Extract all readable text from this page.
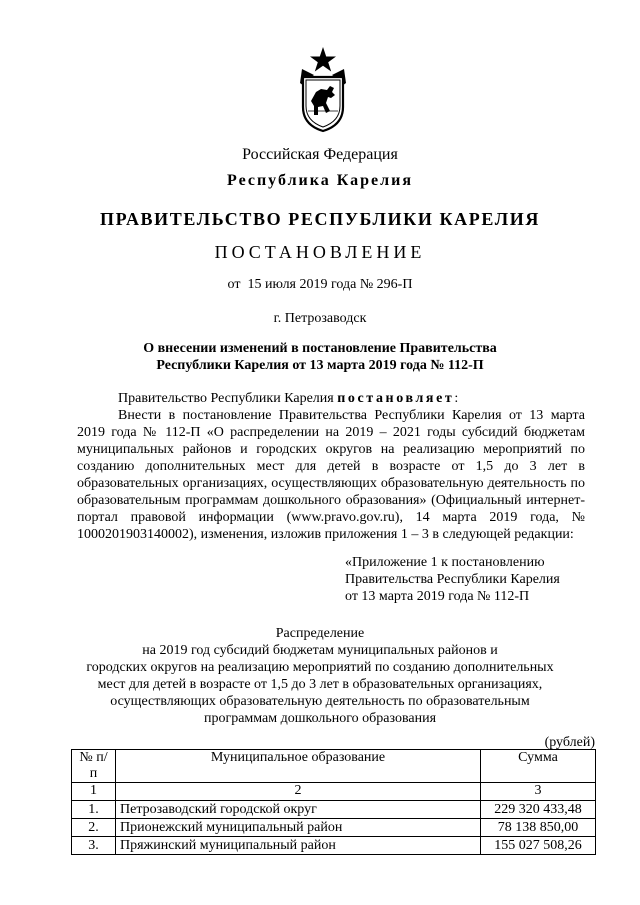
Российская Федерация
Республика Карелия
ПРАВИТЕЛЬСТВО РЕСПУБЛИКИ КАРЕЛИЯ
ПОСТАНОВЛЕНИЕ
от  15 июля 2019 года № 296-П
г. Петрозаводск
О внесении изменений в постановление Правительства
Республики Карелия от 13 марта 2019 года № 112-П
Правительство Республики Карелия постановляет:

Внести в постановление Правительства Республики Карелия от 13 марта 2019 года № 112-П «О распределении на 2019 – 2021 годы субсидий бюджетам муниципальных районов и городских округов на реализацию мероприятий по созданию дополнительных мест для детей в возрасте от 1,5 до 3 лет в образовательных организациях, осуществляющих образовательную деятельность по образовательным программам дошкольного образования» (Официальный интернет-портал правовой информации (www.pravo.gov.ru), 14 марта 2019 года, № 1000201903140002), изменения, изложив приложения 1 – 3 в следующей редакции:

«Приложение 1 к постановлению
Правительства Республики Карелия
от 13 марта 2019 года № 112-П
Распределение
на 2019 год субсидий бюджетам муниципальных районов и
городских округов на реализацию мероприятий по созданию дополнительных
мест для детей в возрасте от 1,5 до 3 лет в образовательных организациях,
осуществляющих образовательную деятельность по образовательным
программам дошкольного образования
(рублей)
№ п/п	Муниципальное образование	Сумма
1	2	3
1.	Петрозаводский городской округ	229 320 433,48
2.	Прионежский муниципальный район	78 138 850,00
3.	Пряжинский муниципальный район	155 027 508,26
